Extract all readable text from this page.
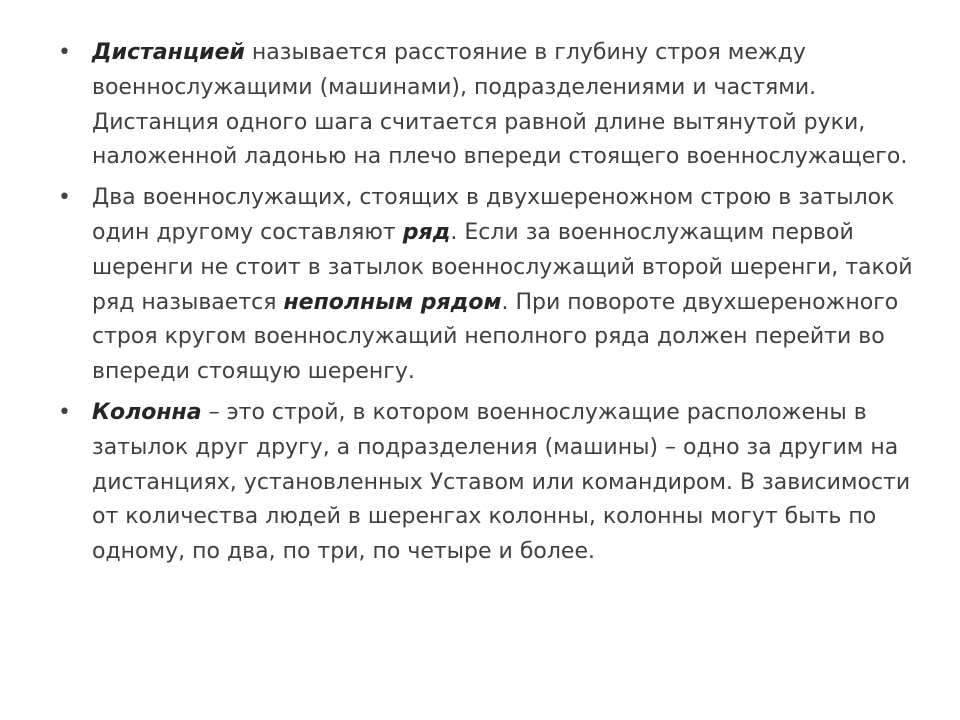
• Дистанцией называется расстояние в глубину строя между военнослужащими (машинами), подразделениями и частями. Дистанция одного шага считается равной длине вытянутой руки, наложенной ладонью на плечо впереди стоящего военнослужащего.
• Два военнослужащих, стоящих в двухшереножном строю в затылок один другому составляют ряд. Если за военнослужащим первой шеренги не стоит в затылок военнослужащий второй шеренги, такой ряд называется неполным рядом. При повороте двухшереножного строя кругом военнослужащий неполного ряда должен перейти во впереди стоящую шеренгу.
• Колонна – это строй, в котором военнослужащие расположены в затылок друг другу, а подразделения (машины) – одно за другим на дистанциях, установленных Уставом или командиром. В зависимости от количества людей в шеренгах колонны, колонны могут быть по одному, по два, по три, по четыре и более.
